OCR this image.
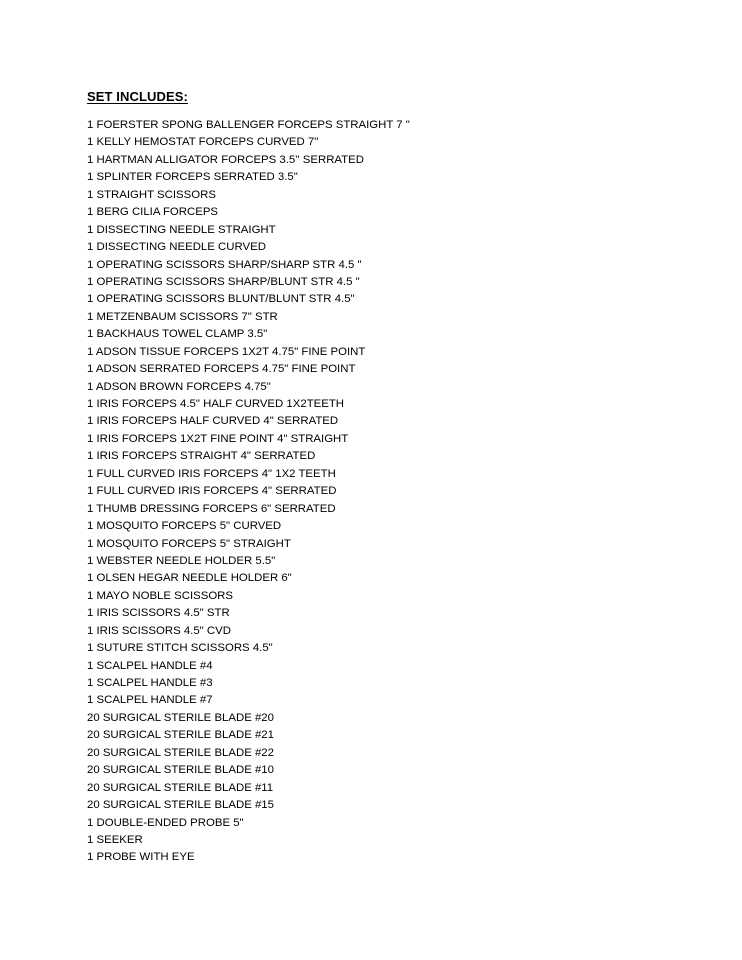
SET INCLUDES:
1 FOERSTER SPONG BALLENGER FORCEPS STRAIGHT 7 "
1 KELLY HEMOSTAT FORCEPS CURVED 7"
1 HARTMAN ALLIGATOR FORCEPS 3.5'' SERRATED
1 SPLINTER FORCEPS SERRATED 3.5"
1 STRAIGHT SCISSORS
1 BERG CILIA FORCEPS
1 DISSECTING NEEDLE STRAIGHT
1 DISSECTING NEEDLE CURVED
1 OPERATING SCISSORS SHARP/SHARP STR 4.5 "
1 OPERATING SCISSORS SHARP/BLUNT STR 4.5 "
1 OPERATING SCISSORS BLUNT/BLUNT STR 4.5"
1 METZENBAUM SCISSORS 7" STR
1 BACKHAUS TOWEL CLAMP 3.5"
1 ADSON TISSUE FORCEPS 1X2T 4.75" FINE POINT
1 ADSON SERRATED FORCEPS 4.75" FINE POINT
1 ADSON BROWN FORCEPS 4.75"
1 IRIS FORCEPS 4.5" HALF CURVED 1X2TEETH
1 IRIS FORCEPS HALF CURVED 4" SERRATED
1 IRIS FORCEPS 1X2T FINE POINT 4" STRAIGHT
1 IRIS FORCEPS STRAIGHT 4" SERRATED
1 FULL CURVED IRIS FORCEPS 4" 1X2 TEETH
1 FULL CURVED IRIS FORCEPS 4" SERRATED
1 THUMB DRESSING FORCEPS 6" SERRATED
1 MOSQUITO FORCEPS 5" CURVED
1 MOSQUITO FORCEPS 5" STRAIGHT
1 WEBSTER NEEDLE HOLDER 5.5"
1 OLSEN HEGAR NEEDLE HOLDER 6"
1 MAYO NOBLE SCISSORS
1 IRIS SCISSORS 4.5" STR
1 IRIS SCISSORS 4.5" CVD
1 SUTURE STITCH SCISSORS 4.5"
1 SCALPEL HANDLE #4
1 SCALPEL HANDLE #3
1 SCALPEL HANDLE #7
20 SURGICAL STERILE BLADE #20
20 SURGICAL STERILE BLADE #21
20 SURGICAL STERILE BLADE #22
20 SURGICAL STERILE BLADE #10
20 SURGICAL STERILE BLADE #11
20 SURGICAL STERILE BLADE #15
1 DOUBLE-ENDED PROBE 5"
1 SEEKER
1 PROBE WITH EYE
